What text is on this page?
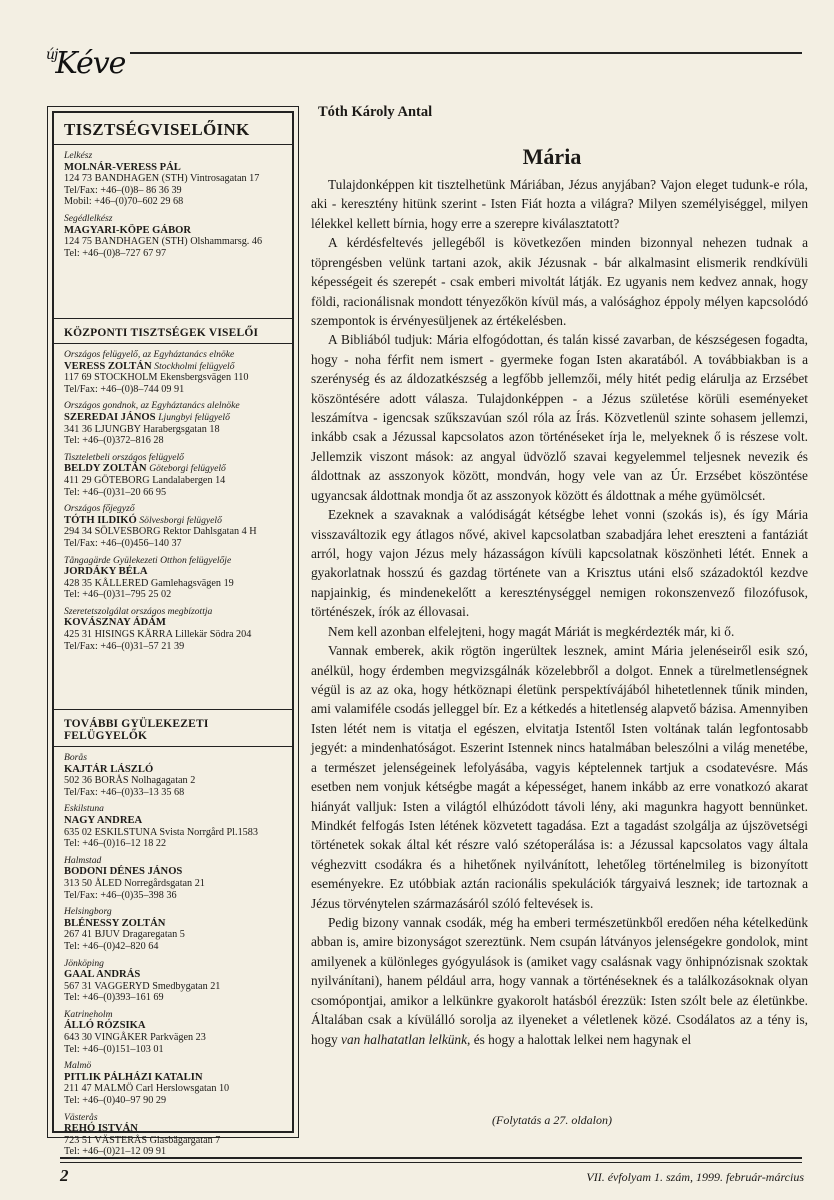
$^{új}$Kéve
TISZTSÉGVISELŐINK
Lelkész
MOLNÁR-VERESS PÁL
124 73 BANDHAGEN (STH) Vintrosagatan 17
Tel/Fax: +46–(0)8– 86 36 39
Mobil: +46–(0)70–602 29 68
Segédlelkész
MAGYARI-KÖPE GÁBOR
124 75 BANDHAGEN (STH) Olshammarsg. 46
Tel: +46–(0)8–727 67 97
KÖZPONTI TISZTSÉGEK VISELŐI
Országos felügyelő, az Egyháztanács elnöke
VERESS ZOLTÁN Stockholmi felügyelő
117 69 STOCKHOLM Ekensbergsvägen 110
Tel/Fax: +46–(0)8–744 09 91
Országos gondnok, az Egyháztanács alelnöke
SZEREDAI JÁNOS Ljungbyi felügyelő
341 36 LJUNGBY Harabergsgatan 18
Tel: +46–(0)372–816 28
Tiszteletbeli országos felügyelő
BELDY ZOLTÁN Göteborgi felügyelő
411 29 GÖTEBORG Landalabergen 14
Tel: +46–(0)31–20 66 95
Országos főjegyző
TÓTH ILDIKÓ Sölvesborgi felügyelő
294 34 SÖLVESBORG Rektor Dahlsgatan 4 H
Tel/Fax: +46–(0)456–140 37
Tångagärde Gyülekezeti Otthon felügyelője
JORDÁKY BÉLA
428 35 KÅLLERED Gamlehagsvägen 19
Tel: +46–(0)31–795 25 02
Szeretetszolgálat országos megbízottja
KOVÁSZNAY ÁDÁM
425 31 HISINGS KÄRRA Lillekär Södra 204
Tel/Fax: +46–(0)31–57 21 39
TOVÁBBI GYÜLEKEZETI FELÜGYELŐK
Borås
KAJTÁR LÁSZLÓ
502 36 BORÅS Nolhagagatan 2
Tel/Fax: +46–(0)33–13 35 68
Eskilstuna
NAGY ANDREA
635 02 ESKILSTUNA Svista Norrgård Pl.1583
Tel: +46–(0)16–12 18 22
Halmstad
BODONI DÉNES JÁNOS
313 50 ÅLED Norregårdsgatan 21
Tel/Fax: +46–(0)35–398 36
Helsingborg
BLÉNESSY ZOLTÁN
267 41 BJUV Dragaregatan 5
Tel: +46–(0)42–820 64
Jönköping
GAAL ANDRÁS
567 31 VAGGERYD Smedbygatan 21
Tel: +46–(0)393–161 69
Katrineholm
ÁLLÓ RÓZSIKA
643 30 VINGÅKER Parkvägen 23
Tel: +46–(0)151–103 01
Malmö
PITLIK PÁLHÁZI KATALIN
211 47 MALMÖ Carl Herslowsgatan 10
Tel: +46–(0)40–97 90 29
Västerås
REHÓ ISTVÁN
723 51 VÄSTERÅS Glasbägargatan 7
Tel: +46–(0)21–12 09 91
Tóth Károly Antal
Mária

Tulajdonképpen kit tisztelhetünk Máriában, Jézus anyjában? Vajon eleget tudunk-e róla, aki - keresztény hitünk szerint - Isten Fiát hozta a világra? Milyen személyiséggel, milyen lélekkel kellett bírnia, hogy erre a szerepre kiválasztatott?

A kérdésfeltevés jellegéből is következően minden bizonnyal nehezen tudnak a töprengésben velünk tartani azok, akik Jézusnak - bár alkalmasint elismerik rendkívüli képességeit és szerepét - csak emberi mivoltát látják. Ez ugyanis nem kedvez annak, hogy földi, racionálisnak mondott tényezőkön kívül más, a valósághoz éppoly mélyen kapcsolódó szempontok is érvényesüljenek az értékelésben.

A Bibliából tudjuk: Mária elfogódottan, és talán kissé zavarban, de készségesen fogadta, hogy - noha férfit nem ismert - gyermeke fogan Isten akaratából. A továbbiakban is a szerénység és az áldozatkészség a legfőbb jellemzői, mély hitét pedig elárulja az Erzsébet köszöntésére adott válasza. Tulajdonképpen - a Jézus születése körüli eseményeket leszámítva - igencsak szűkszavúan szól róla az Írás. Közvetlenül szinte sohasem jellemzi, inkább csak a Jézussal kapcsolatos azon történéseket írja le, melyeknek ő is részese volt. Jellemzik viszont mások: az angyal üdvözlő szavai kegyelemmel teljesnek nevezik és áldottnak az asszonyok között, mondván, hogy vele van az Úr. Erzsébet köszöntése ugyancsak áldottnak mondja őt az asszonyok között és áldottnak a méhe gyümölcsét.

Ezeknek a szavaknak a valódiságát kétségbe lehet vonni (szokás is), és így Mária visszaváltozik egy átlagos nővé, akivel kapcsolatban szabadjára lehet ereszteni a fantáziát arról, hogy vajon Jézus mely házasságon kívüli kapcsolatnak köszönheti létét. Ennek a gyakorlatnak hosszú és gazdag története van a Krisztus utáni első századoktól kezdve napjainkig, és mindenekelőtt a kereszténységgel nemigen rokonszenvező filozófusok, történészek, írók az éllovasai.

Nem kell azonban elfelejteni, hogy magát Máriát is megkérdezték már, ki ő.

Vannak emberek, akik rögtön ingerültek lesznek, amint Mária jelenéseiről esik szó, anélkül, hogy érdemben megvizsgálnák közelebbről a dolgot. Ennek a türelmetlenségnek végül is az az oka, hogy hétköznapi életünk perspektívájából hihetetlennek tűnik minden, ami valamiféle csodás jelleggel bír. Ez a kétkedés a hitetlenség alapvető bázisa. Amennyiben Isten létét nem is vitatja el egészen, elvitatja Istentől Isten voltának talán legfontosabb jegyét: a mindenhatóságot. Eszerint Istennek nincs hatalmában beleszólni a világ menetébe, a természet jelenségeinek lefolyásába, vagyis képtelennek tartjuk a csodatevésre. Más esetben nem vonjuk kétségbe magát a képességet, hanem inkább az erre vonatkozó akarat hiányát valljuk: Isten a világtól elhúzódott távoli lény, aki magunkra hagyott bennünket. Mindkét felfogás Isten létének közvetett tagadása. Ezt a tagadást szolgálja az újszövetségi történetek sokak által két részre való szétoperálása is: a Jézussal kapcsolatos vagy általa véghezvitt csodákra és a hihetőnek nyilvánított, lehetőleg történelmileg is bizonyított eseményekre. Ez utóbbiak aztán racionális spekulációk tárgyaivá lesznek; ide tartoznak a Jézus törvénytelen származásáról szóló feltevések is.

Pedig bizony vannak csodák, még ha emberi természetünkből eredően néha kételkedünk abban is, amire bizonyságot szereztünk. Nem csupán látványos jelenségekre gondolok, mint amilyenek a különleges gyógyulások is (amiket vagy csalásnak vagy önhipnózisnak szoktak nyilvánítani), hanem például arra, hogy vannak a történéseknek és a találkozásoknak olyan csomópontjai, amikor a lelkünkre gyakorolt hatásból érezzük: Isten szólt bele az életünkbe. Általában csak a kívülálló sorolja az ilyeneket a véletlenek közé. Csodálatos az a tény is, hogy van halhatatlan lelkünk, és hogy a halottak lelkei nem hagynak el

(Folytatás a 27. oldalon)
2	VII. évfolyam 1. szám, 1999. február-március
